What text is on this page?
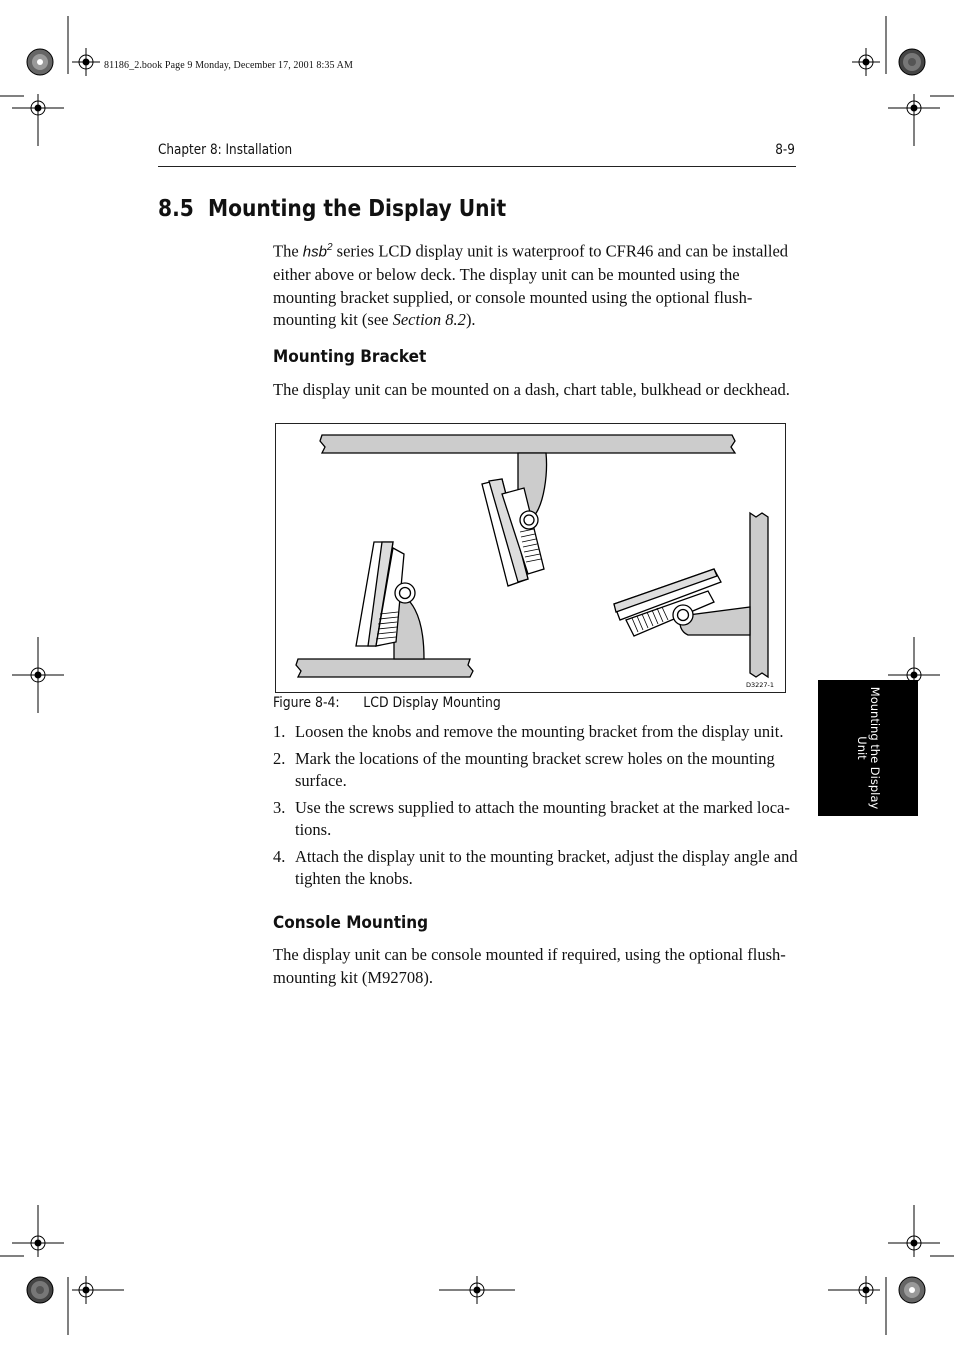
81186_2.book Page 9 Monday, December 17, 2001 8:35 AM
Chapter 8: Installation	8-9
8.5 Mounting the Display Unit
The hsb$^2$ series LCD display unit is waterproof to CFR46 and can be installed either above or below deck. The display unit can be mounted using the mounting bracket supplied, or console mounted using the optional flush-mounting kit (see Section 8.2).
Mounting Bracket
The display unit can be mounted on a dash, chart table, bulkhead or deckhead.
D3227-1
Figure 8-4: LCD Display Mounting
1. Loosen the knobs and remove the mounting bracket from the display unit.
2. Mark the locations of the mounting bracket screw holes on the mounting surface.
3. Use the screws supplied to attach the mounting bracket at the marked loca-tions.
4. Attach the display unit to the mounting bracket, adjust the display angle and tighten the knobs.
Console Mounting
The display unit can be console mounted if required, using the optional flush-mounting kit (M92708).
Mounting the Display Unit
